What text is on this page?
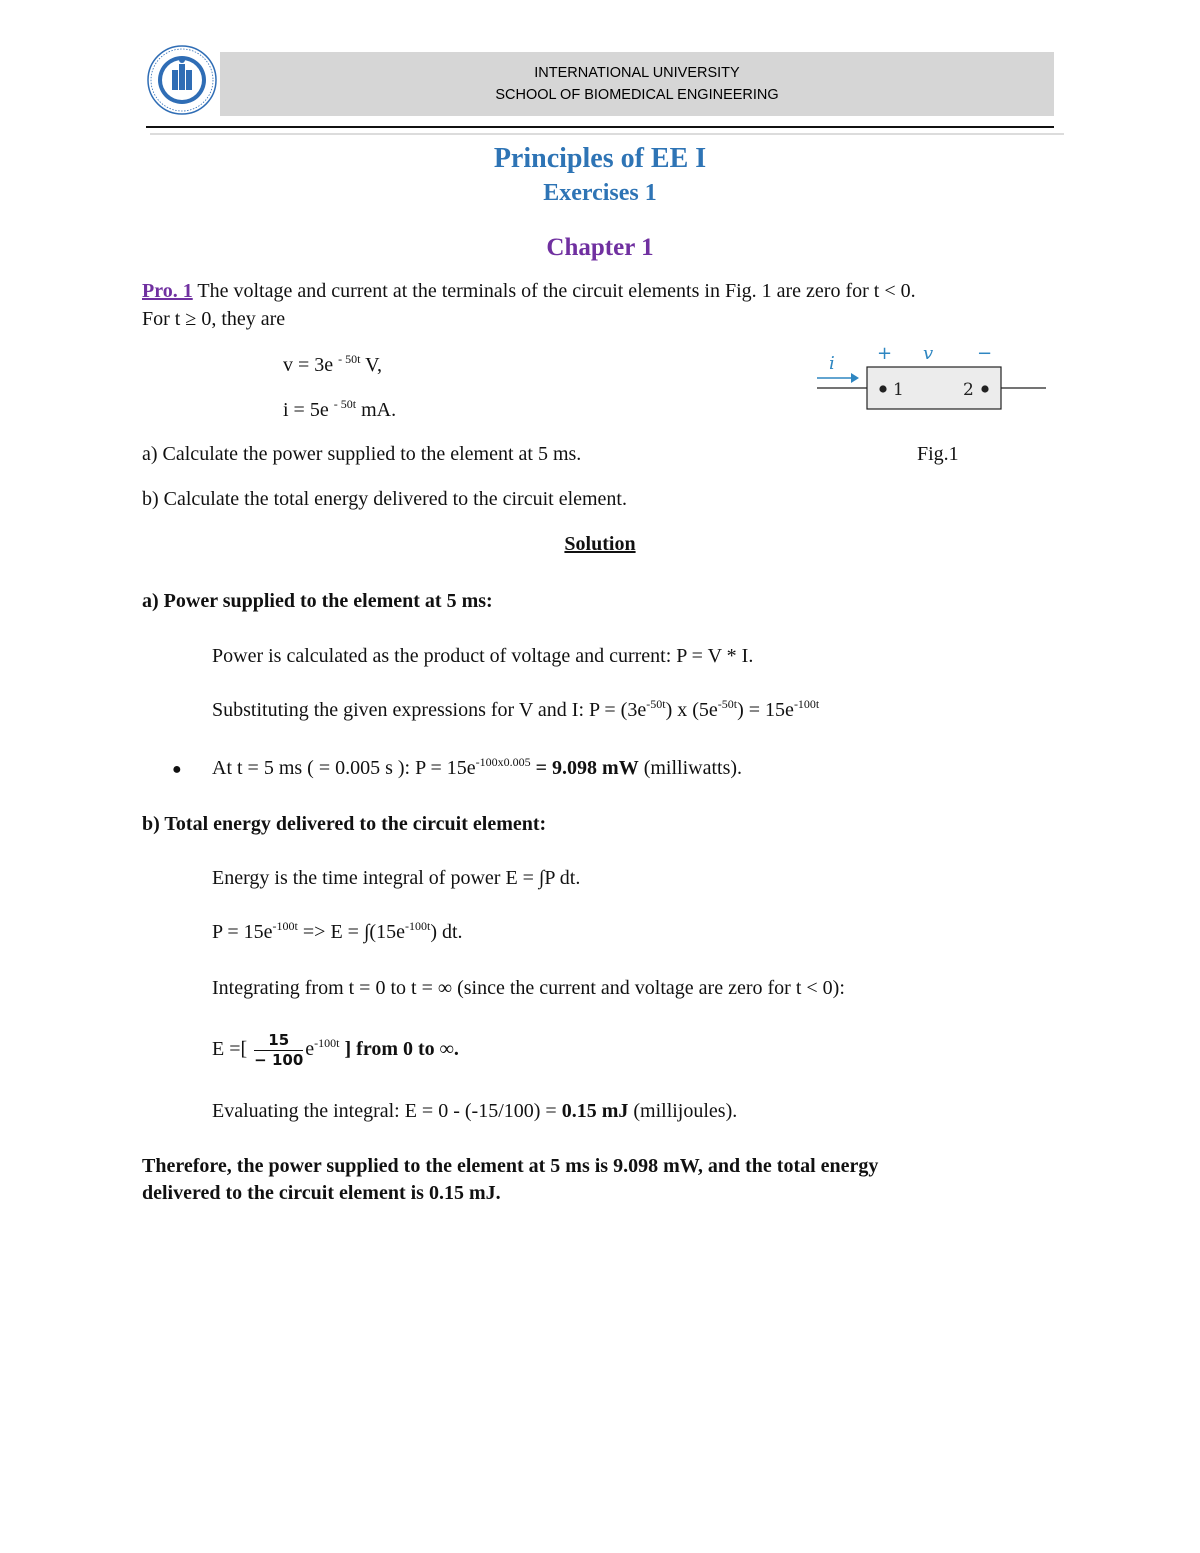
INTERNATIONAL UNIVERSITY
SCHOOL OF BIOMEDICAL ENGINEERING
Principles of EE I
Exercises 1
Chapter 1
Pro. 1 The voltage and current at the terminals of the circuit elements in Fig. 1 are zero for t < 0.
For t ≥ 0, they are
v = 3e $^{- 50t}$ V,
i = 5e $^{- 50t}$ mA.
i
1	2
+ v −
a) Calculate the power supplied to the element at 5 ms.	Fig.1
b) Calculate the total energy delivered to the circuit element.
Solution
a) Power supplied to the element at 5 ms:
Power is calculated as the product of voltage and current: P = V * I.
Substituting the given expressions for V and I: $P = (3e^{-50t})$ x $(5e^{-50t}) = 15e^{-100t}$
● At t = 5 ms ( = 0.005 s ): $P = 15e^{-100x0.005} = 9.098$ mW (milliwatts).
b) Total energy delivered to the circuit element:
Energy is the time integral of power E = ∫P dt.
$P = 15e^{-100t} => E = \int(15e^{-100t})$ dt.
Integrating from t = 0 to t = ∞ (since the current and voltage are zero for t < 0):
E =[ $\frac{15}{- 100} e^{-100t}$ ] from 0 to ∞.
Evaluating the integral: E = 0 - (-15/100) = 0.15 mJ (millijoules).
Therefore, the power supplied to the element at 5 ms is 9.098 mW, and the total energy
delivered to the circuit element is 0.15 mJ.
